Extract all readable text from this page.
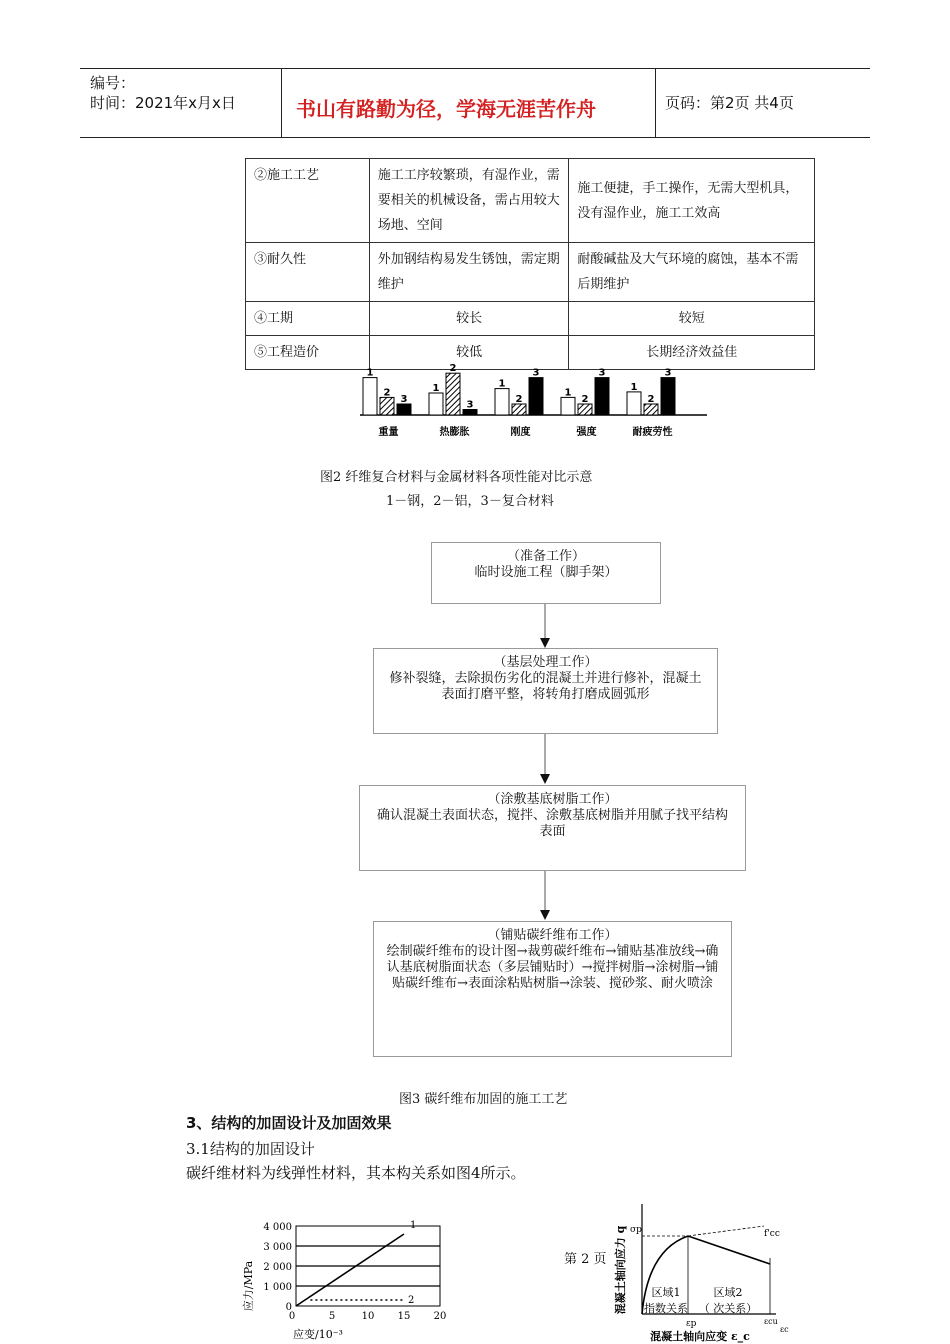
编号：
时间：2021年x月x日	书山有路勤为径，学海无涯苦作舟	页码：第2页 共4页
②施工工艺	施工工序较繁琐，有湿作业，需要相关的机械设备，需占用较大场地、空间	施工便捷，手工操作，无需大型机具，没有湿作业，施工工效高
③耐久性	外加钢结构易发生锈蚀，需定期维护	耐酸碱盐及大气环境的腐蚀，基本不需后期维护
④工期	较长	较短
⑤工程造价	较低	长期经济效益佳
1
2
3
重量
1
2
3
热膨胀
1
2
3
刚度
1
2
3
强度
1
2
3
耐疲劳性
图2 纤维复合材料与金属材料各项性能对比示意
1－钢，2－铝，3－复合材料
（准备工作）
临时设施工程（脚手架）
（基层处理工作）
修补裂缝，去除损伤劣化的混凝土并进行修补，混凝土表面打磨平整，将转角打磨成圆弧形
（涂敷基底树脂工作）
确认混凝土表面状态，搅拌、涂敷基底树脂并用腻子找平结构表面
（铺贴碳纤维布工作）
绘制碳纤维布的设计图→裁剪碳纤维布→铺贴基准放线→确认基底树脂面状态（多层铺贴时）→搅拌树脂→涂树脂→铺贴碳纤维布→表面涂粘贴树脂→涂装、搅砂浆、耐火喷涂
图3 碳纤维布加固的施工工艺
3、结构的加固设计及加固效果
3.1结构的加固设计
碳纤维材料为线弹性材料，其本构关系如图4所示。
应力/MPa
应变/10⁻³
4 000
3 000
2 000
1 000
0
5	10 15 20
1
2
0
混凝土轴向应力 q
混凝土轴向应变 ε_c
σp	f'cc
εp	εcu
εc
区域1
指数关系
区域2
（ 次关系）
第 2 页
